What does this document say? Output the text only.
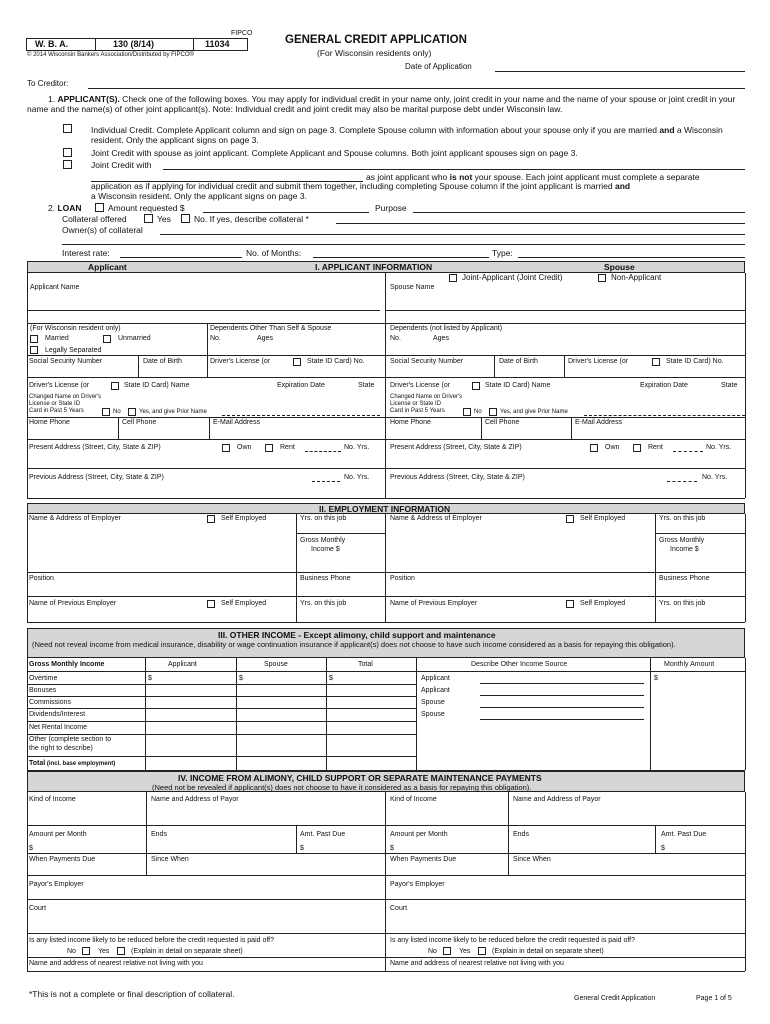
FIPCO
W. B. A.	130 (8/14)	11034
© 2014 Wisconsin Bankers Association/Distributed by FIPCO®
GENERAL CREDIT APPLICATION
(For Wisconsin residents only)
Date of Application
To Creditor:
1. APPLICANT(S). Check one of the following boxes. You may apply for individual credit in your name only, joint credit in your name and the name of your spouse or joint credit in your name and the name(s) of other joint applicant(s). Note: Individual credit and joint credit may also be marital purpose debt under Wisconsin law.
Individual Credit. Complete Applicant column and sign on page 3. Complete Spouse column with information about your spouse only if you are married and a Wisconsin resident. Only the applicant signs on page 3.
Joint Credit with spouse as joint applicant. Complete Applicant and Spouse columns. Both joint applicant spouses sign on page 3.
Joint Credit with
as joint applicant who is not your spouse. Each joint applicant must complete a separate
application as if applying for individual credit and submit them together, including completing Spouse column if the joint applicant is married and
a Wisconsin resident. Only the applicant signs on page 3.
2. LOAN	Amount requested $	Purpose
Collateral offered	Yes	No. If yes, describe collateral *
Owner(s) of collateral
Interest rate:	No. of Months:	Type:
Applicant	I. APPLICANT INFORMATION	Spouse
Joint-Applicant (Joint Credit)	Non-Applicant
Applicant Name	Spouse Name
(For Wisconsin resident only)
Married	Unmarried
Legally Separated
Dependents Other Than Self & Spouse
No.	Ages
Dependents (not listed by Applicant)
No.	Ages
Social Security Number	Date of Birth	Driver's License (or	State ID Card) No.	Social Security Number	Date of Birth	Driver's License (or	State ID Card) No.
Driver's License (or	State ID Card) Name	Expiration Date	State Driver's License (or	State ID Card) Name	Expiration Date	State
Changed Name on Driver's
License or State ID
Card in Past 5 Years	No	Yes, and give Prior Name
Changed Name on Driver's
License or State ID
Card in Past 5 Years	No	Yes, and give Prior Name
Home Phone	Cell Phone	E-Mail Address	Home Phone	Cell Phone	E-Mail Address
Present Address (Street, City, State & ZIP)	Own	Rent	No. Yrs.	Present Address (Street, City, State & ZIP)	Own	Rent	No. Yrs.
Previous Address (Street, City, State & ZIP)	No. Yrs.	Previous Address (Street, City, State & ZIP)	No. Yrs.
II. EMPLOYMENT INFORMATION
Name & Address of Employer	Self Employed	Yrs. on this job
Gross Monthly
Income $
Name & Address of Employer	Self Employed	Yrs. on this job
Gross Monthly
Income $
Position	Business Phone	Position	Business Phone
Name of Previous Employer	Self Employed	Yrs. on this job	Name of Previous Employer	Self Employed	Yrs. on this job
III. OTHER INCOME - Except alimony, child support and maintenance
(Need not reveal income from medical insurance, disability or wage continuation insurance if applicant(s) does not choose to have such income considered as a basis for repaying this obligation).
Gross Monthly Income	Applicant	Spouse	Total	Describe Other Income Source	Monthly Amount
Overtime	$	$	$	$
Bonuses
Commissions
Dividends/Interest
Net Rental Income
Other (complete section to
the right to describe)
Total (incl. base employment)
Applicant
Applicant
Spouse
Spouse
IV. INCOME FROM ALIMONY, CHILD SUPPORT OR SEPARATE MAINTENANCE PAYMENTS
(Need not be revealed if applicant(s) does not choose to have it considered as a basis for repaying this obligation).
Kind of Income	Name and Address of Payor	Kind of Income	Name and Address of Payor
Amount per Month
$
Ends	Amt. Past Due
$
Amount per Month
$
Ends	Amt. Past Due
$
When Payments Due	Since When	When Payments Due	Since When
Payor's Employer	Payor's Employer
Court	Court
Is any listed income likely to be reduced before the credit requested is paid off?
No	Yes	(Explain in detail on separate sheet)
Is any listed income likely to be reduced before the credit requested is paid off?
No	Yes	(Explain in detail on separate sheet)
Name and address of nearest relative not living with you	Name and address of nearest relative not living with you
*This is not a complete or final description of collateral.	General Credit Application	Page 1 of 5
